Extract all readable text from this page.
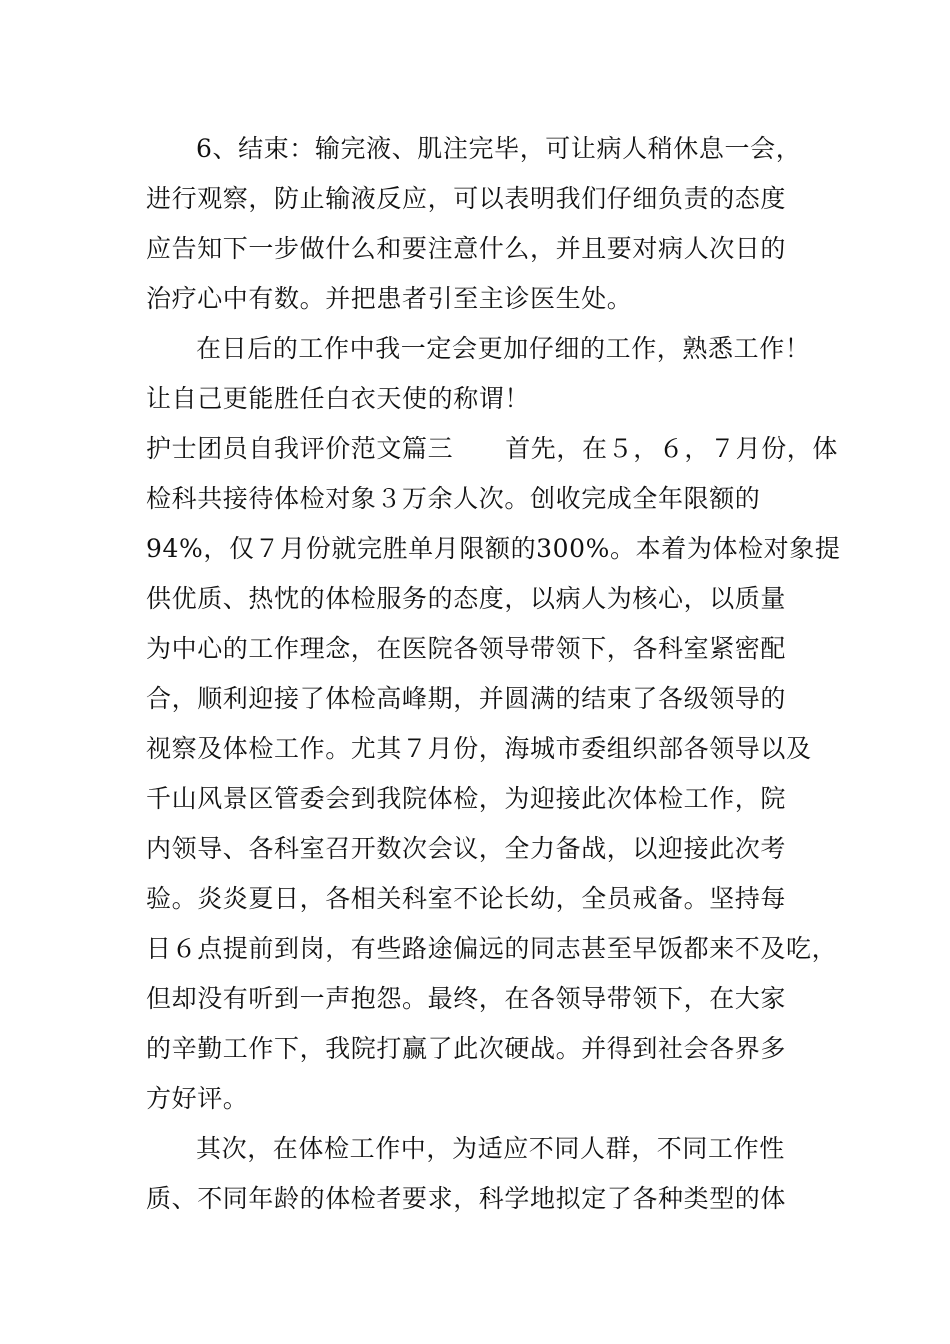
6、结束：输完液、肌注完毕，可让病人稍休息一会，
进行观察，防止输液反应，可以表明我们仔细负责的态度
应告知下一步做什么和要注意什么，并且要对病人次日的
治疗心中有数。并把患者引至主诊医生处。
在日后的工作中我一定会更加仔细的工作，熟悉工作！
让自己更能胜任白衣天使的称谓！
护士团员自我评价范文篇三 首先，在５，６，７月份，体
检科共接待体检对象３万余人次。创收完成全年限额的
94%，仅７月份就完胜单月限额的300%。本着为体检对象提
供优质、热忱的体检服务的态度，以病人为核心，以质量
为中心的工作理念，在医院各领导带领下，各科室紧密配
合，顺利迎接了体检高峰期，并圆满的结束了各级领导的
视察及体检工作。尤其７月份，海城市委组织部各领导以及
千山风景区管委会到我院体检，为迎接此次体检工作，院
内领导、各科室召开数次会议，全力备战，以迎接此次考
验。炎炎夏日，各相关科室不论长幼，全员戒备。坚持每
日６点提前到岗，有些路途偏远的同志甚至早饭都来不及吃，
但却没有听到一声抱怨。最终，在各领导带领下，在大家
的辛勤工作下，我院打赢了此次硬战。并得到社会各界多
方好评。
其次，在体检工作中，为适应不同人群，不同工作性
质、不同年龄的体检者要求，科学地拟定了各种类型的体
